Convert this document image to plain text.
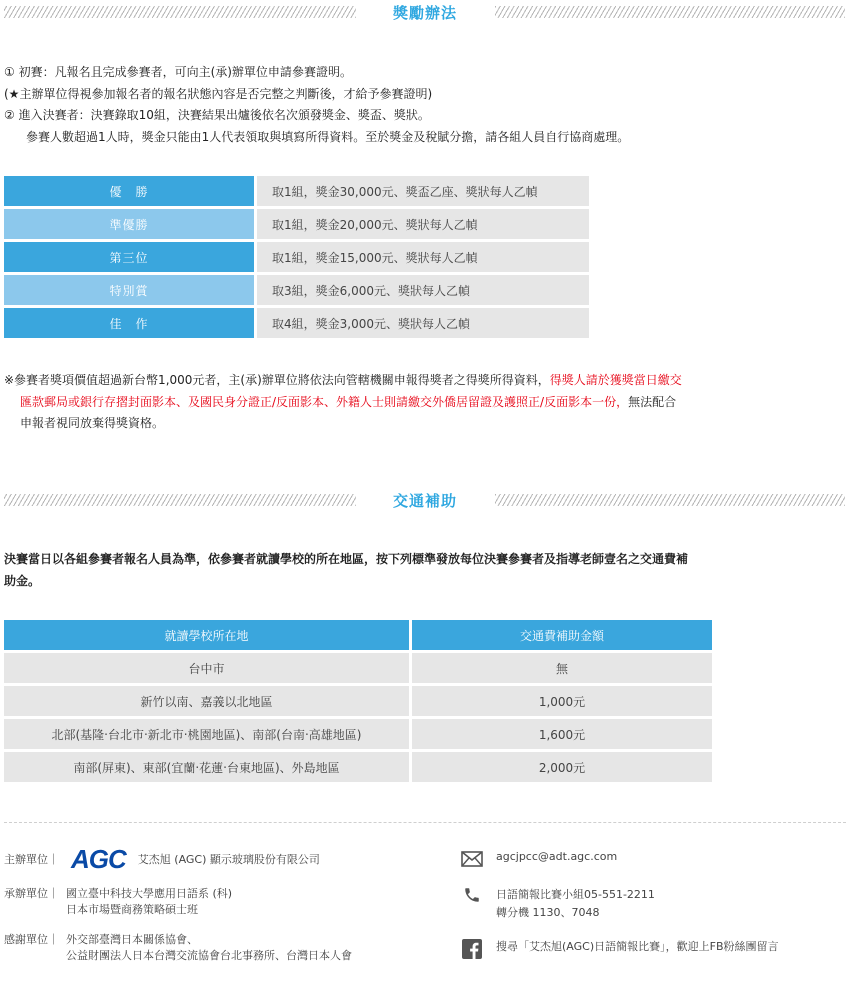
獎勵辦法
① 初賽：凡報名且完成參賽者，可向主(承)辦單位申請參賽證明。
(★主辦單位得視參加報名者的報名狀態內容是否完整之判斷後，才給予參賽證明)
② 進入決賽者：決賽錄取10組，決賽結果出爐後依名次頒發獎金、獎盃、獎狀。
參賽人數超過1人時，獎金只能由1人代表領取與填寫所得資料。至於獎金及稅賦分擔，請各組人員自行協商處理。
優　勝	取1組，獎金30,000元、獎盃乙座、獎狀每人乙幀
準優勝	取1組，獎金20,000元、獎狀每人乙幀
第三位	取1組，獎金15,000元、獎狀每人乙幀
特別賞	取3組，獎金6,000元、獎狀每人乙幀
佳　作	取4組，獎金3,000元、獎狀每人乙幀
※參賽者獎項價值超過新台幣1,000元者，主(承)辦單位將依法向管轄機關申報得獎者之得獎所得資料，得獎人請於獲獎當日繳交
匯款郵局或銀行存摺封面影本、及國民身分證正/反面影本、外籍人士則請繳交外僑居留證及護照正/反面影本一份，無法配合
申報者視同放棄得獎資格。
交通補助
決賽當日以各組參賽者報名人員為準，依參賽者就讀學校的所在地區，按下列標準發放每位決賽參賽者及指導老師壹名之交通費補
助金。
就讀學校所在地	交通費補助金額
台中市	無
新竹以南、嘉義以北地區	1,000元
北部(基隆‧台北市‧新北市‧桃園地區)、南部(台南‧高雄地區)	1,600元
南部(屏東)、東部(宜蘭‧花蓮‧台東地區)、外島地區	2,000元
主辦單位｜ AGC 艾杰旭 (AGC) 顯示玻璃股份有限公司
承辦單位｜ 國立臺中科技大學應用日語系 (科)
日本市場暨商務策略碩士班
感謝單位｜ 外交部臺灣日本關係協會、
公益財團法人日本台灣交流協會台北事務所、台灣日本人會
agcjpcc@adt.agc.com
日語簡報比賽小組05-551-2211
轉分機 1130、7048
搜尋「艾杰旭(AGC)日語簡報比賽」，歡迎上FB粉絲團留言
